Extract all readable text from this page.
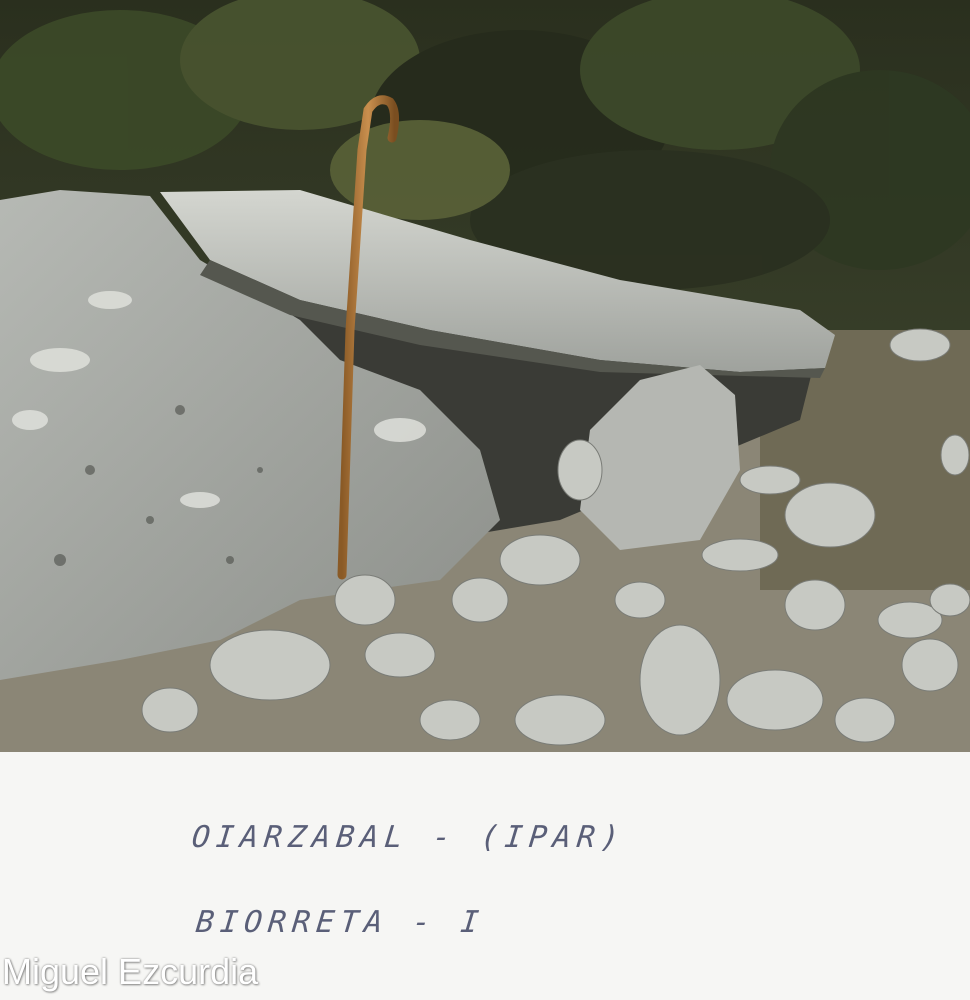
OIARZABAL - (IPAR)
BIORRETA - I
Miguel Ezcurdia
